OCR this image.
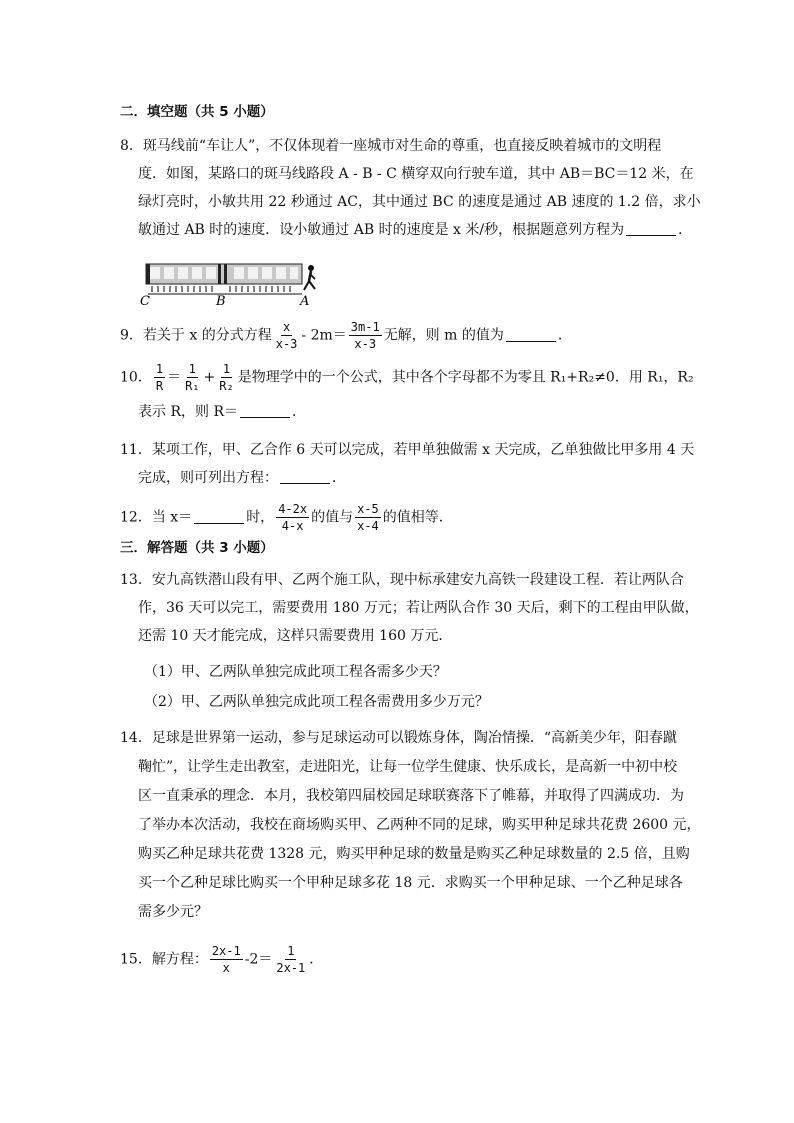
二．填空题（共 5 小题）
8．斑马线前“车让人”，不仅体现着一座城市对生命的尊重，也直接反映着城市的文明程
度．如图，某路口的斑马线路段 A - B - C 横穿双向行驶车道，其中 AB＝BC＝12 米，在
绿灯亮时，小敏共用 22 秒通过 AC，其中通过 BC 的速度是通过 AB 速度的 1.2 倍，求小
敏通过 AB 时的速度．设小敏通过 AB 时的速度是 x 米/秒，根据题意列方程为	．
C	B	A
9．若关于 x 的分式方程 $\frac{x}{x-3} - 2m= \frac{3m-1}{x-3}$ 无解，则 m 的值为	．
10． $\frac{1}{R} = \frac{1}{\text{R₁}} + \frac{1}{\text{R₂}}$ 是物理学中的一个公式，其中各个字母都不为零且 R₁+R₂≠0．用 R₁，R₂
表示 R，则 R＝	．
11．某项工作，甲、乙合作 6 天可以完成，若甲单独做需 x 天完成，乙单独做比甲多用 4 天
完成，则可列出方程：	．
12．当 x＝	时， $\frac{4-2x}{4-x}$ 的值与 $\frac{x-5}{x-4}$ 的值相等．
三．解答题（共 3 小题）
13．安九高铁潜山段有甲、乙两个施工队，现中标承建安九高铁一段建设工程．若让两队合
作，36 天可以完工，需要费用 180 万元；若让两队合作 30 天后，剩下的工程由甲队做，
还需 10 天才能完成，这样只需要费用 160 万元．
（1）甲、乙两队单独完成此项工程各需多少天？
（2）甲、乙两队单独完成此项工程各需费用多少万元？
14．足球是世界第一运动，参与足球运动可以锻炼身体，陶冶情操．“高新美少年，阳春蹴
鞠忙”，让学生走出教室，走进阳光，让每一位学生健康、快乐成长，是高新一中初中校
区一直秉承的理念．本月，我校第四届校园足球联赛落下了帷幕，并取得了四满成功．为
了举办本次活动，我校在商场购买甲、乙两种不同的足球，购买甲种足球共花费 2600 元，
购买乙种足球共花费 1328 元，购买甲种足球的数量是购买乙种足球数量的 2.5 倍，且购
买一个乙种足球比购买一个甲种足球多花 18 元．求购买一个甲种足球、一个乙种足球各
需多少元？
15．解方程： $\frac{2x-1}{x} -2= \frac{1}{2x-1}$ ．
